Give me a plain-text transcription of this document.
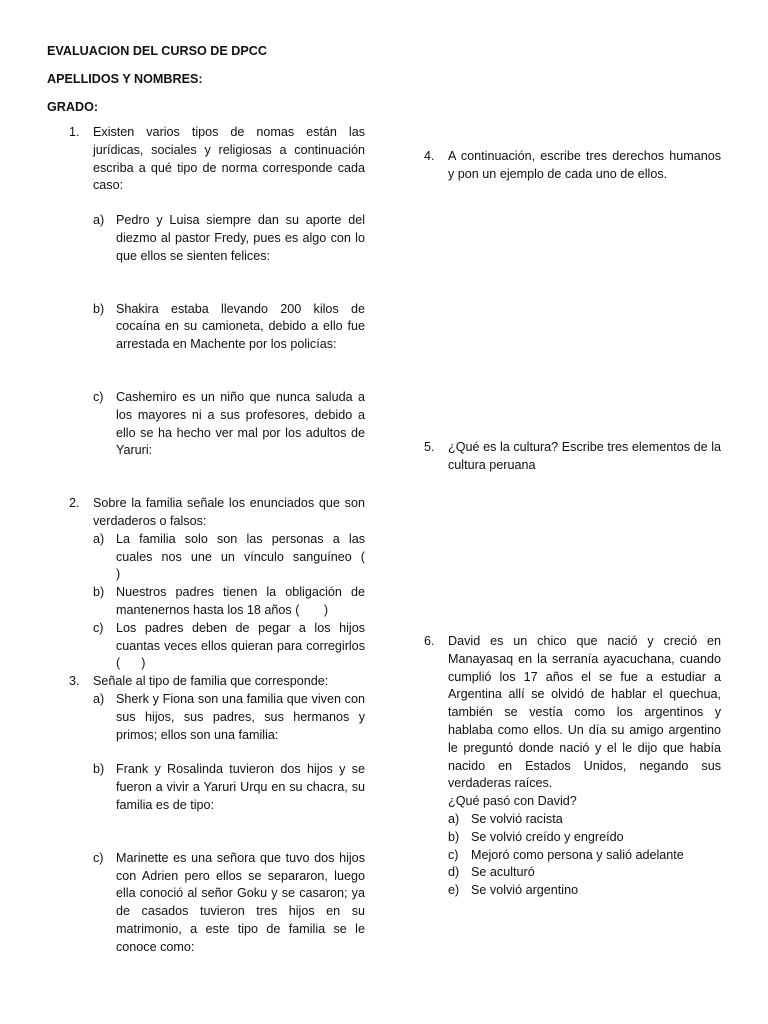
EVALUACION DEL CURSO DE DPCC
APELLIDOS Y NOMBRES:
GRADO:
1. Existen varios tipos de nomas están las jurídicas, sociales y religiosas a continuación escriba a qué tipo de norma corresponde cada caso:
a) Pedro y Luisa siempre dan su aporte del diezmo al pastor Fredy, pues es algo con lo que ellos se sienten felices:
b) Shakira estaba llevando 200 kilos de cocaína en su camioneta, debido a ello fue arrestada en Machente por los policías:
c) Cashemiro es un niño que nunca saluda a los mayores ni a sus profesores, debido a ello se ha hecho ver mal por los adultos de Yaruri:
2. Sobre la familia señale los enunciados que son verdaderos o falsos:
a) La familia solo son las personas a las cuales nos une un vínculo sanguíneo (          )
b) Nuestros padres tienen la obligación de mantenernos hasta los 18 años (       )
c) Los padres deben de pegar a los hijos cuantas veces ellos quieran para corregirlos (      )
3. Señale al tipo de familia que corresponde:
a) Sherk y Fiona son una familia que viven con sus hijos, sus padres, sus hermanos y primos; ellos son una familia:
b) Frank y Rosalinda tuvieron dos hijos y se fueron a vivir a Yaruri Urqu en su chacra, su familia es de tipo:
c) Marinette es una señora que tuvo dos hijos con Adrien pero ellos se separaron, luego ella conoció al señor Goku y se casaron; ya de casados tuvieron tres hijos en su matrimonio, a este tipo de familia se le conoce como:
4. A continuación, escribe tres derechos humanos y pon un ejemplo de cada uno de ellos.
5. ¿Qué es la cultura? Escribe tres elementos de la cultura peruana
6. David es un chico que nació y creció en Manayasaq en la serranía ayacuchana, cuando cumplió los 17 años el se fue a estudiar a Argentina allí se olvidó de hablar el quechua, también se vestía como los argentinos y hablaba como ellos. Un día su amigo argentino le preguntó donde nació y el le dijo que había nacido en Estados Unidos, negando sus verdaderas raíces.
¿Qué pasó con David?
a) Se volvió racista
b) Se volvió creído y engreído
c) Mejoró como persona y salió adelante
d) Se aculturó
e) Se volvió argentino
